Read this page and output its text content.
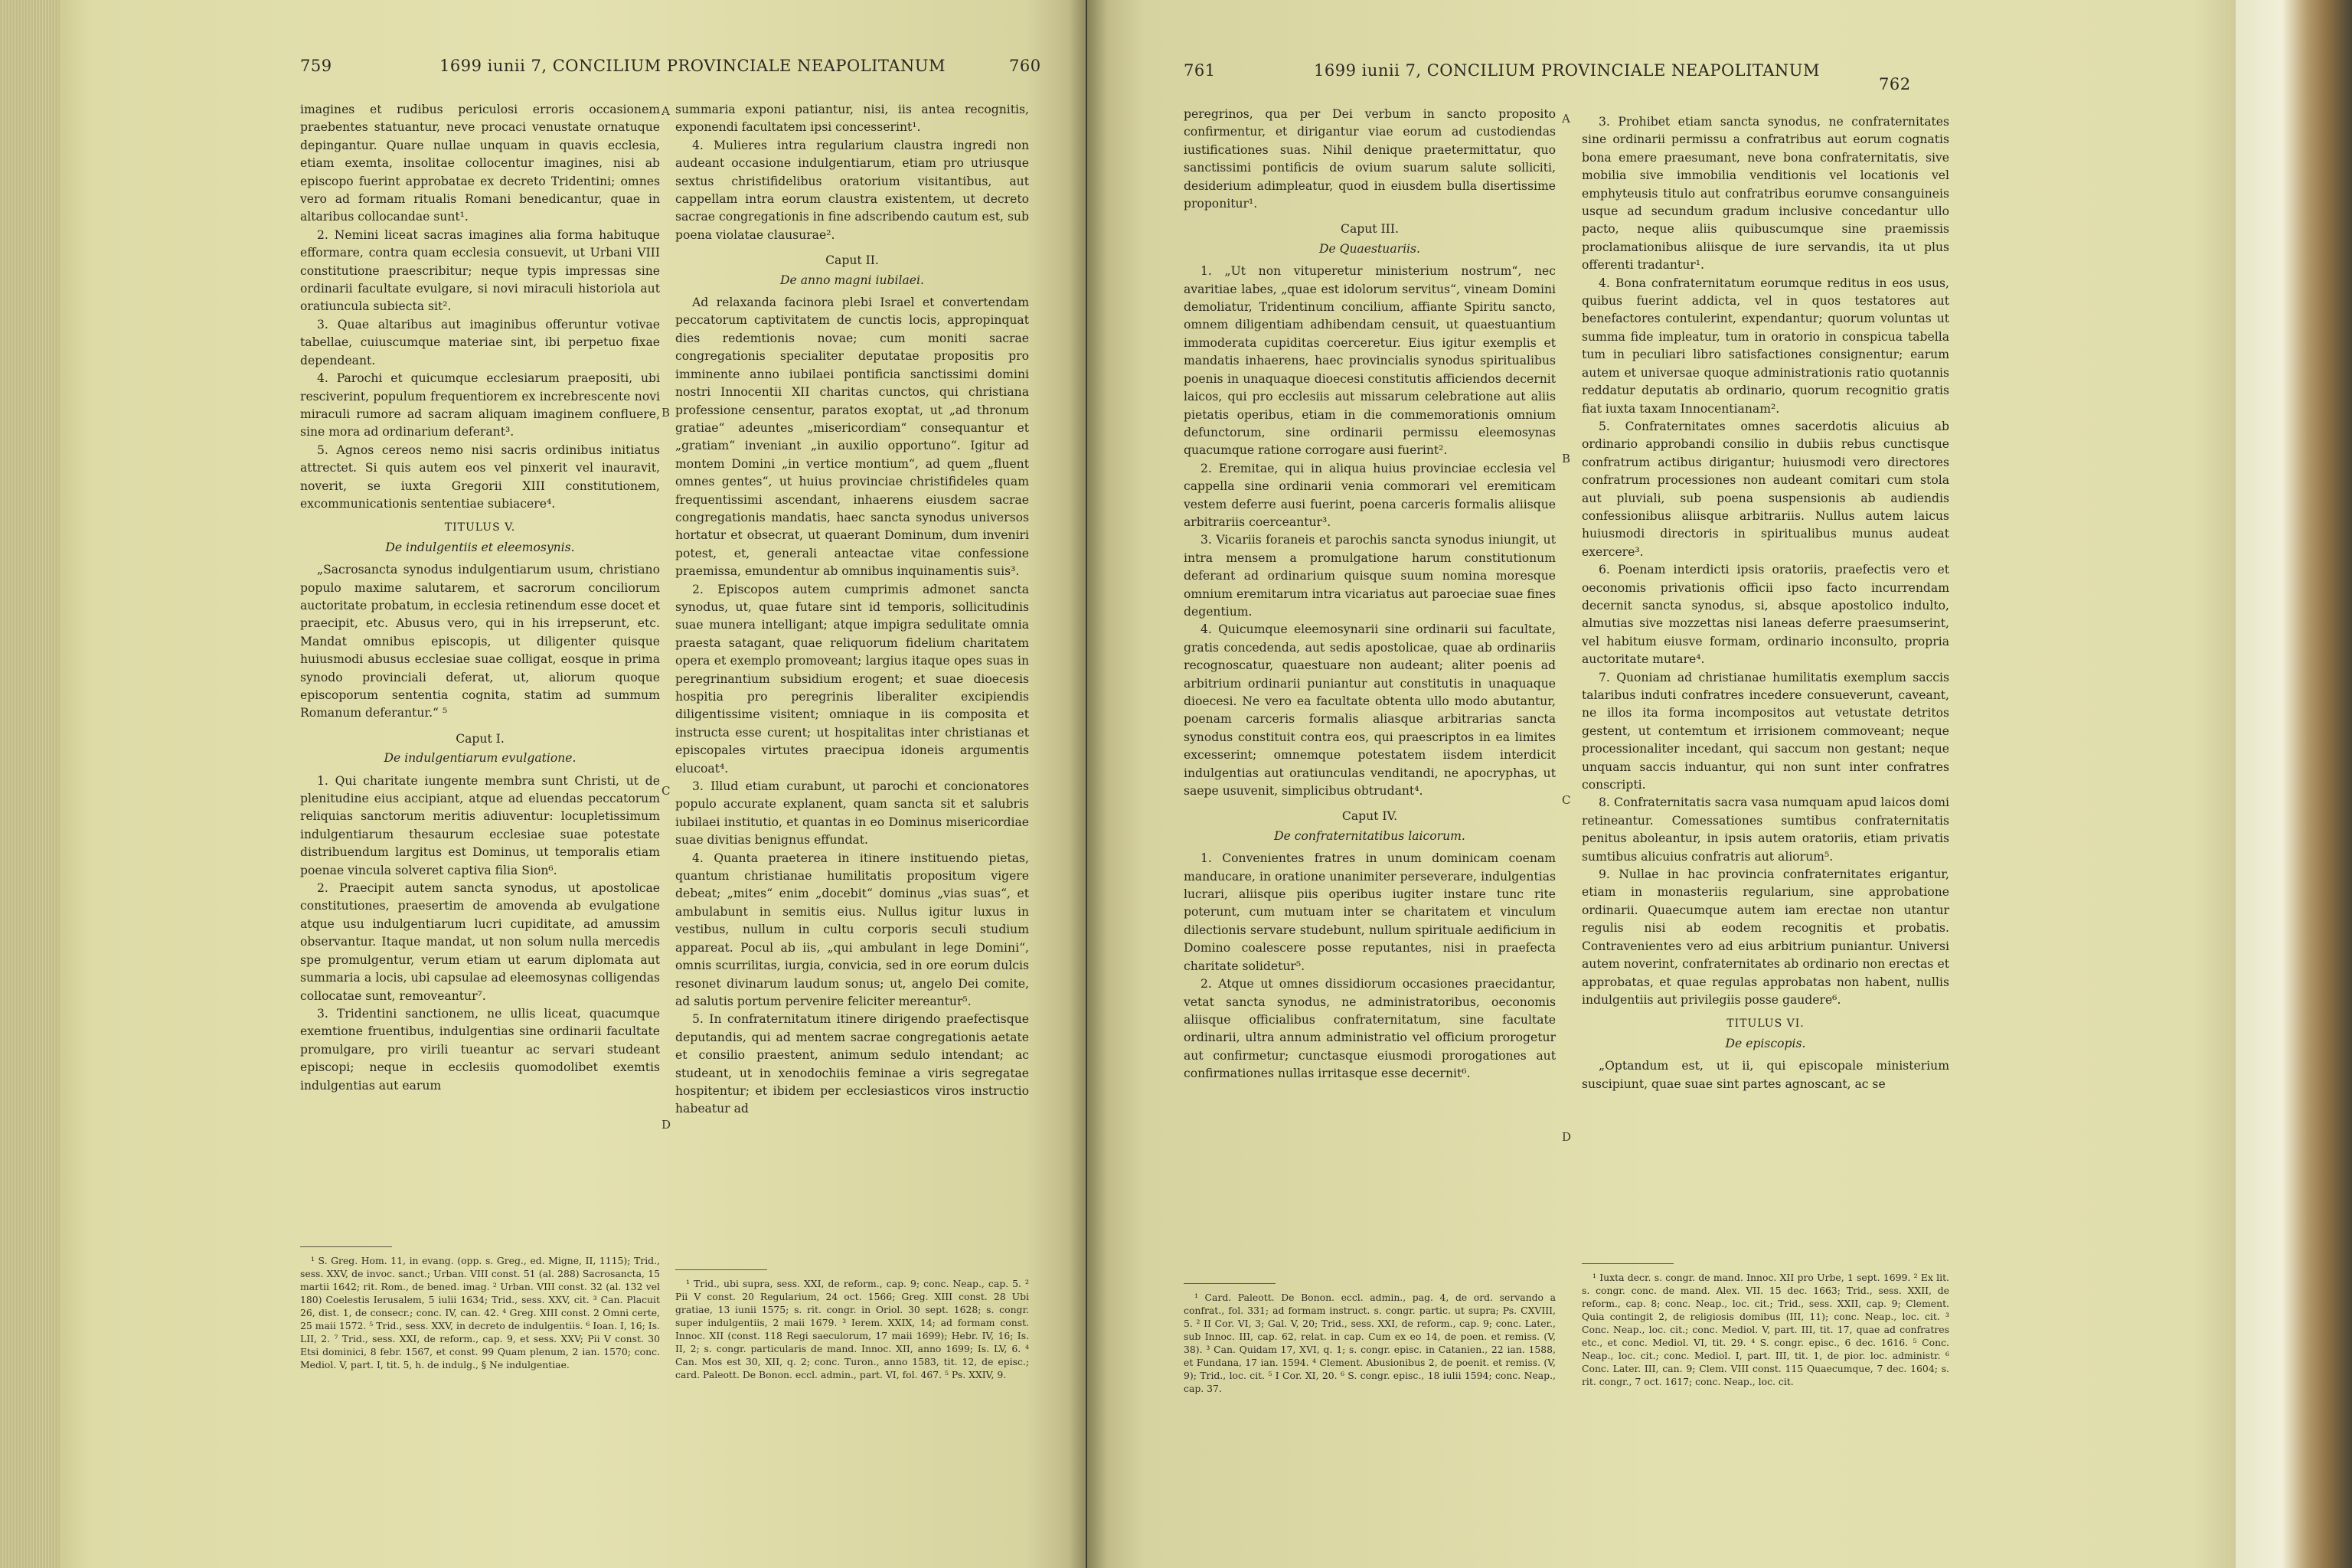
759	1699 iunii 7, CONCILIUM PROVINCIALE NEAPOLITANUM	760

imagines et rudibus periculosi erroris occasionem praebentes statuantur, neve procaci venustate ornatuque depingantur. Quare nullae unquam in quavis ecclesia, etiam exemta, insolitae collocentur imagines, nisi ab episcopo fuerint approbatae ex decreto Tridentini; omnes vero ad formam ritualis Romani benedicantur, quae in altaribus collocandae sunt¹.

2. Nemini liceat sacras imagines alia forma habituque efformare, contra quam ecclesia consuevit, ut Urbani VIII constitutione praescribitur; neque typis impressas sine ordinarii facultate evulgare, si novi miraculi historiola aut oratiuncula subiecta sit².

3. Quae altaribus aut imaginibus offeruntur votivae tabellae, cuiuscumque materiae sint, ibi perpetuo fixae dependeant.

4. Parochi et quicumque ecclesiarum praepositi, ubi resciverint, populum frequentiorem ex increbrescente novi miraculi rumore ad sacram aliquam imaginem confluere, sine mora ad ordinarium deferant³.

5. Agnos cereos nemo nisi sacris ordinibus initiatus attrectet. Si quis autem eos vel pinxerit vel inauravit, noverit, se iuxta Gregorii XIII constitutionem, excommunicationis sententiae subiacere⁴.

TITULUS V.
De indulgentiis et eleemosynis.

„Sacrosancta synodus indulgentiarum usum, christiano populo maxime salutarem, et sacrorum conciliorum auctoritate probatum, in ecclesia retinendum esse docet et praecipit, etc. Abusus vero, qui in his irrepserunt, etc. Mandat omnibus episcopis, ut diligenter quisque huiusmodi abusus ecclesiae suae colligat, eosque in prima synodo provinciali deferat, ut, aliorum quoque episcoporum sententia cognita, statim ad summum Romanum deferantur.“ ⁵

Caput I.
De indulgentiarum evulgatione.

1. Qui charitate iungente membra sunt Christi, ut de plenitudine eius accipiant, atque ad eluendas peccatorum reliquias sanctorum meritis adiuventur: locupletissimum indulgentiarum thesaurum ecclesiae suae potestate distribuendum largitus est Dominus, ut temporalis etiam poenae vincula solveret captiva filia Sion⁶.

2. Praecipit autem sancta synodus, ut apostolicae constitutiones, praesertim de amovenda ab evulgatione atque usu indulgentiarum lucri cupiditate, ad amussim observantur. Itaque mandat, ut non solum nulla mercedis spe promulgentur, verum etiam ut earum diplomata aut summaria a locis, ubi capsulae ad eleemosynas colligendas collocatae sunt, removeantur⁷.

3. Tridentini sanctionem, ne ullis liceat, quacumque exemtione fruentibus, indulgentias sine ordinarii facultate promulgare, pro virili tueantur ac servari studeant episcopi; neque in ecclesiis quomodolibet exemtis indulgentias aut earum

¹ S. Greg. Hom. 11, in evang. (opp. s. Greg., ed. Migne, II, 1115); Trid., sess. XXV, de invoc. sanct.; Urban. VIII const. 51 (al. 288) Sacrosancta, 15 martii 1642; rit. Rom., de bened. imag. ² Urban. VIII const. 32 (al. 132 vel 180) Coelestis Ierusalem, 5 iulii 1634; Trid., sess. XXV, cit. ³ Can. Placuit 26, dist. 1, de consecr.; conc. IV, can. 42. ⁴ Greg. XIII const. 2 Omni certe, 25 maii 1572. ⁵ Trid., sess. XXV, in decreto de indulgentiis. ⁶ Ioan. I, 16; Is. LII, 2. ⁷ Trid., sess. XXI, de reform., cap. 9, et sess. XXV; Pii V const. 30 Etsi dominici, 8 febr. 1567, et const. 99 Quam plenum, 2 ian. 1570; conc. Mediol. V, part. I, tit. 5, h. de indulg., § Ne indulgentiae.

A
B
C
D

summaria exponi patiantur, nisi, iis antea recognitis, exponendi facultatem ipsi concesserint¹.

4. Mulieres intra regularium claustra ingredi non audeant occasione indulgentiarum, etiam pro utriusque sextus christifidelibus oratorium visitantibus, aut cappellam intra eorum claustra existentem, ut decreto sacrae congregationis in fine adscribendo cautum est, sub poena violatae clausurae².

Caput II.
De anno magni iubilaei.

Ad relaxanda facinora plebi Israel et convertendam peccatorum captivitatem de cunctis locis, appropinquat dies redemtionis novae; cum moniti sacrae congregationis specialiter deputatae propositis pro imminente anno iubilaei pontificia sanctissimi domini nostri Innocentii XII charitas cunctos, qui christiana professione censentur, paratos exoptat, ut „ad thronum gratiae“ adeuntes „misericordiam“ consequantur et „gratiam“ inveniant „in auxilio opportuno“. Igitur ad montem Domini „in vertice montium“, ad quem „fluent omnes gentes“, ut huius provinciae christifideles quam frequentissimi ascendant, inhaerens eiusdem sacrae congregationis mandatis, haec sancta synodus universos hortatur et obsecrat, ut quaerant Dominum, dum inveniri potest, et, generali anteactae vitae confessione praemissa, emundentur ab omnibus inquinamentis suis³.

2. Episcopos autem cumprimis admonet sancta synodus, ut, quae futare sint id temporis, sollicitudinis suae munera intelligant; atque impigra sedulitate omnia praesta satagant, quae reliquorum fidelium charitatem opera et exemplo promoveant; largius itaque opes suas in peregrinantium subsidium erogent; et suae dioecesis hospitia pro peregrinis liberaliter excipiendis diligentissime visitent; omniaque in iis composita et instructa esse curent; ut hospitalitas inter christianas et episcopales virtutes praecipua idoneis argumentis elucoat⁴.

3. Illud etiam curabunt, ut parochi et concionatores populo accurate explanent, quam sancta sit et salubris iubilaei institutio, et quantas in eo Dominus misericordiae suae divitias benignus effundat.

4. Quanta praeterea in itinere instituendo pietas, quantum christianae humilitatis propositum vigere debeat; „mites“ enim „docebit“ dominus „vias suas“, et ambulabunt in semitis eius. Nullus igitur luxus in vestibus, nullum in cultu corporis seculi studium appareat. Pocul ab iis, „qui ambulant in lege Domini“, omnis scurrilitas, iurgia, convicia, sed in ore eorum dulcis resonet divinarum laudum sonus; ut, angelo Dei comite, ad salutis portum pervenire feliciter mereantur⁵.

5. In confraternitatum itinere dirigendo praefectisque deputandis, qui ad mentem sacrae congregationis aetate et consilio praestent, animum sedulo intendant; ac studeant, ut in xenodochiis feminae a viris segregatae hospitentur; et ibidem per ecclesiasticos viros instructio habeatur ad

¹ Trid., ubi supra, sess. XXI, de reform., cap. 9; conc. Neap., cap. 5. ² Pii V const. 20 Regularium, 24 oct. 1566; Greg. XIII const. 28 Ubi gratiae, 13 iunii 1575; s. rit. congr. in Oriol. 30 sept. 1628; s. congr. super indulgentiis, 2 maii 1679. ³ Ierem. XXIX, 14; ad formam const. Innoc. XII (const. 118 Regi saeculorum, 17 maii 1699); Hebr. IV, 16; Is. II, 2; s. congr. particularis de mand. Innoc. XII, anno 1699; Is. LV, 6. ⁴ Can. Mos est 30, XII, q. 2; conc. Turon., anno 1583, tit. 12, de episc.; card. Paleott. De Bonon. eccl. admin., part. VI, fol. 467. ⁵ Ps. XXIV, 9.

761	1699 iunii 7, CONCILIUM PROVINCIALE NEAPOLITANUM
762

peregrinos, qua per Dei verbum in sancto proposito confirmentur, et dirigantur viae eorum ad custodiendas iustificationes suas. Nihil denique praetermittatur, quo sanctissimi pontificis de ovium suarum salute solliciti, desiderium adimpleatur, quod in eiusdem bulla disertissime proponitur¹.

Caput III.
De Quaestuariis.

1. „Ut non vituperetur ministerium nostrum“, nec avaritiae labes, „quae est idolorum servitus“, vineam Domini demoliatur, Tridentinum concilium, affiante Spiritu sancto, omnem diligentiam adhibendam censuit, ut quaestuantium immoderata cupiditas coerceretur. Eius igitur exemplis et mandatis inhaerens, haec provincialis synodus spiritualibus poenis in unaquaque dioecesi constitutis afficiendos decernit laicos, qui pro ecclesiis aut missarum celebratione aut aliis pietatis operibus, etiam in die commemorationis omnium defunctorum, sine ordinarii permissu eleemosynas quacumque ratione corrogare ausi fuerint².

2. Eremitae, qui in aliqua huius provinciae ecclesia vel cappella sine ordinarii venia commorari vel eremiticam vestem deferre ausi fuerint, poena carceris formalis aliisque arbitrariis coerceantur³.

3. Vicariis foraneis et parochis sancta synodus iniungit, ut intra mensem a promulgatione harum constitutionum deferant ad ordinarium quisque suum nomina moresque omnium eremitarum intra vicariatus aut paroeciae suae fines degentium.

4. Quicumque eleemosynarii sine ordinarii sui facultate, gratis concedenda, aut sedis apostolicae, quae ab ordinariis recognoscatur, quaestuare non audeant; aliter poenis ad arbitrium ordinarii puniantur aut constitutis in unaquaque dioecesi. Ne vero ea facultate obtenta ullo modo abutantur, poenam carceris formalis aliasque arbitrarias sancta synodus constituit contra eos, qui praescriptos in ea limites excesserint; omnemque potestatem iisdem interdicit indulgentias aut oratiunculas venditandi, ne apocryphas, ut saepe usuvenit, simplicibus obtrudant⁴.

Caput IV.
De confraternitatibus laicorum.

1. Convenientes fratres in unum dominicam coenam manducare, in oratione unanimiter perseverare, indulgentias lucrari, aliisque piis operibus iugiter instare tunc rite poterunt, cum mutuam inter se charitatem et vinculum dilectionis servare studebunt, nullum spirituale aedificium in Domino coalescere posse reputantes, nisi in praefecta charitate solidetur⁵.

2. Atque ut omnes dissidiorum occasiones praecidantur, vetat sancta synodus, ne administratoribus, oeconomis aliisque officialibus confraternitatum, sine facultate ordinarii, ultra annum administratio vel officium prorogetur aut confirmetur; cunctasque eiusmodi prorogationes aut confirmationes nullas irritasque esse decernit⁶.

¹ Card. Paleott. De Bonon. eccl. admin., pag. 4, de ord. servando a confrat., fol. 331; ad formam instruct. s. congr. partic. ut supra; Ps. CXVIII, 5. ² II Cor. VI, 3; Gal. V, 20; Trid., sess. XXI, de reform., cap. 9; conc. Later., sub Innoc. III, cap. 62, relat. in cap. Cum ex eo 14, de poen. et remiss. (V, 38). ³ Can. Quidam 17, XVI, q. 1; s. congr. episc. in Catanien., 22 ian. 1588, et Fundana, 17 ian. 1594. ⁴ Clement. Abusionibus 2, de poenit. et remiss. (V, 9); Trid., loc. cit. ⁵ I Cor. XI, 20. ⁶ S. congr. episc., 18 iulii 1594; conc. Neap., cap. 37.

A
B
C
D

3. Prohibet etiam sancta synodus, ne confraternitates sine ordinarii permissu a confratribus aut eorum cognatis bona emere praesumant, neve bona confraternitatis, sive mobilia sive immobilia venditionis vel locationis vel emphyteusis titulo aut confratribus eorumve consanguineis usque ad secundum gradum inclusive concedantur ullo pacto, neque aliis quibuscumque sine praemissis proclamationibus aliisque de iure servandis, ita ut plus offerenti tradantur¹.

4. Bona confraternitatum eorumque reditus in eos usus, quibus fuerint addicta, vel in quos testatores aut benefactores contulerint, expendantur; quorum voluntas ut summa fide impleatur, tum in oratorio in conspicua tabella tum in peculiari libro satisfactiones consignentur; earum autem et universae quoque administrationis ratio quotannis reddatur deputatis ab ordinario, quorum recognitio gratis fiat iuxta taxam Innocentianam².

5. Confraternitates omnes sacerdotis alicuius ab ordinario approbandi consilio in dubiis rebus cunctisque confratrum actibus dirigantur; huiusmodi vero directores confratrum processiones non audeant comitari cum stola aut pluviali, sub poena suspensionis ab audiendis confessionibus aliisque arbitrariis. Nullus autem laicus huiusmodi directoris in spiritualibus munus audeat exercere³.

6. Poenam interdicti ipsis oratoriis, praefectis vero et oeconomis privationis officii ipso facto incurrendam decernit sancta synodus, si, absque apostolico indulto, almutias sive mozzettas nisi laneas deferre praesumserint, vel habitum eiusve formam, ordinario inconsulto, propria auctoritate mutare⁴.

7. Quoniam ad christianae humilitatis exemplum saccis talaribus induti confratres incedere consueverunt, caveant, ne illos ita forma incompositos aut vetustate detritos gestent, ut contemtum et irrisionem commoveant; neque processionaliter incedant, qui saccum non gestant; neque unquam saccis induantur, qui non sunt inter confratres conscripti.

8. Confraternitatis sacra vasa numquam apud laicos domi retineantur. Comessationes sumtibus confraternitatis penitus aboleantur, in ipsis autem oratoriis, etiam privatis sumtibus alicuius confratris aut aliorum⁵.

9. Nullae in hac provincia confraternitates erigantur, etiam in monasteriis regularium, sine approbatione ordinarii. Quaecumque autem iam erectae non utantur regulis nisi ab eodem recognitis et probatis. Contravenientes vero ad eius arbitrium puniantur. Universi autem noverint, confraternitates ab ordinario non erectas et approbatas, et quae regulas approbatas non habent, nullis indulgentiis aut privilegiis posse gaudere⁶.

TITULUS VI.
De episcopis.

„Optandum est, ut ii, qui episcopale ministerium suscipiunt, quae suae sint partes agnoscant, ac se

¹ Iuxta decr. s. congr. de mand. Innoc. XII pro Urbe, 1 sept. 1699. ² Ex lit. s. congr. conc. de mand. Alex. VII. 15 dec. 1663; Trid., sess. XXII, de reform., cap. 8; conc. Neap., loc. cit.; Trid., sess. XXII, cap. 9; Clement. Quia contingit 2, de religiosis domibus (III, 11); conc. Neap., loc. cit. ³ Conc. Neap., loc. cit.; conc. Mediol. V, part. III, tit. 17, quae ad confratres etc., et conc. Mediol. VI, tit. 29. ⁴ S. congr. episc., 6 dec. 1616. ⁵ Conc. Neap., loc. cit.; conc. Mediol. I, part. III, tit. 1, de pior. loc. administr. ⁶ Conc. Later. III, can. 9; Clem. VIII const. 115 Quaecumque, 7 dec. 1604; s. rit. congr., 7 oct. 1617; conc. Neap., loc. cit.
